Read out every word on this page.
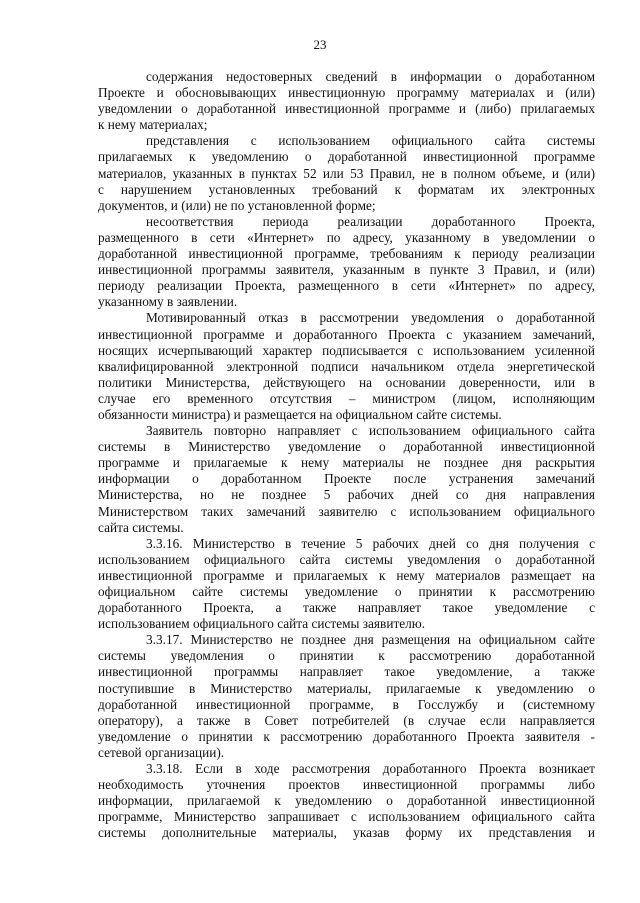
23
содержания недостоверных сведений в информации о доработанном
Проекте и обосновывающих инвестиционную программу материалах и (или)
уведомлении о доработанной инвестиционной программе и (либо) прилагаемых
к нему материалах;
представления с использованием официального сайта системы
прилагаемых к уведомлению о доработанной инвестиционной программе
материалов, указанных в пунктах 52 или 53 Правил, не в полном объеме, и (или)
с нарушением установленных требований к форматам их электронных
документов, и (или) не по установленной форме;
несоответствия периода реализации доработанного Проекта,
размещенного в сети «Интернет» по адресу, указанному в уведомлении о
доработанной инвестиционной программе, требованиям к периоду реализации
инвестиционной программы заявителя, указанным в пункте 3 Правил, и (или)
периоду реализации Проекта, размещенного в сети «Интернет» по адресу,
указанному в заявлении.
Мотивированный отказ в рассмотрении уведомления о доработанной
инвестиционной программе и доработанного Проекта с указанием замечаний,
носящих исчерпывающий характер подписывается с использованием усиленной
квалифицированной электронной подписи начальником отдела энергетической
политики Министерства, действующего на основании доверенности, или в
случае его временного отсутствия – министром (лицом, исполняющим
обязанности министра) и размещается на официальном сайте системы.
Заявитель повторно направляет с использованием официального сайта
системы в Министерство уведомление о доработанной инвестиционной
программе и прилагаемые к нему материалы не позднее дня раскрытия
информации о доработанном Проекте после устранения замечаний
Министерства, но не позднее 5 рабочих дней со дня направления
Министерством таких замечаний заявителю с использованием официального
сайта системы.
3.3.16. Министерство в течение 5 рабочих дней со дня получения с
использованием официального сайта системы уведомления о доработанной
инвестиционной программе и прилагаемых к нему материалов размещает на
официальном сайте системы уведомление о принятии к рассмотрению
доработанного Проекта, а также направляет такое уведомление с
использованием официального сайта системы заявителю.
3.3.17. Министерство не позднее дня размещения на официальном сайте
системы уведомления о принятии к рассмотрению доработанной
инвестиционной программы направляет такое уведомление, а также
поступившие в Министерство материалы, прилагаемые к уведомлению о
доработанной инвестиционной программе, в Госслужбу и (системному
оператору), а также в Совет потребителей (в случае если направляется
уведомление о принятии к рассмотрению доработанного Проекта заявителя -
сетевой организации).
3.3.18. Если в ходе рассмотрения доработанного Проекта возникает
необходимость уточнения проектов инвестиционной программы либо
информации, прилагаемой к уведомлению о доработанной инвестиционной
программе, Министерство запрашивает с использованием официального сайта
системы дополнительные материалы, указав форму их представления и
